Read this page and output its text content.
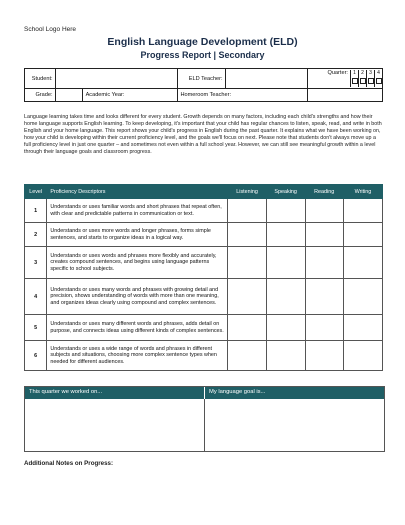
School Logo Here
English Language Development (ELD)
Progress Report | Secondary
Student:		ELD Teacher:		Quarter: 1 2 3 4

Grade:	Academic Year:	Homeroom Teacher:		

Language learning takes time and looks different for every student. Growth depends on many factors, including each child's strengths and how their home language supports English learning. To keep developing, it's important that your child has regular chances to listen, speak, read, and write in both English and your home language. This report shows your child's progress in English during the past quarter. It explains what we have been working on, how your child is developing within their current proficiency level, and the goals we'll focus on next. Please note that students don't always move up a full proficiency level in just one quarter – and sometimes not even within a full school year. However, we can still see meaningful growth within a level through their language goals and classroom progress.
Level	Proficiency Descriptors	Listening	Speaking	Reading	Writing
1	Understands or uses familiar words and short phrases that repeat often, with clear and predictable patterns in communication or text.				
2	Understands or uses more words and longer phrases, forms simple sentences, and starts to organize ideas in a logical way.				
3	Understands or uses words and phrases more flexibly and accurately, creates compound sentences, and begins using language patterns specific to school subjects.				
4	Understands or uses many words and phrases with growing detail and precision, shows understanding of words with more than one meaning, and organizes ideas clearly using compound and complex sentences.				
5	Understands or uses many different words and phrases, adds detail on purpose, and connects ideas using different kinds of complex sentences.				
6	Understands or uses a wide range of words and phrases in different subjects and situations, choosing more complex sentence types when needed for different audiences.				
This quarter we worked on...	My language goal is...
Additional Notes on Progress:
